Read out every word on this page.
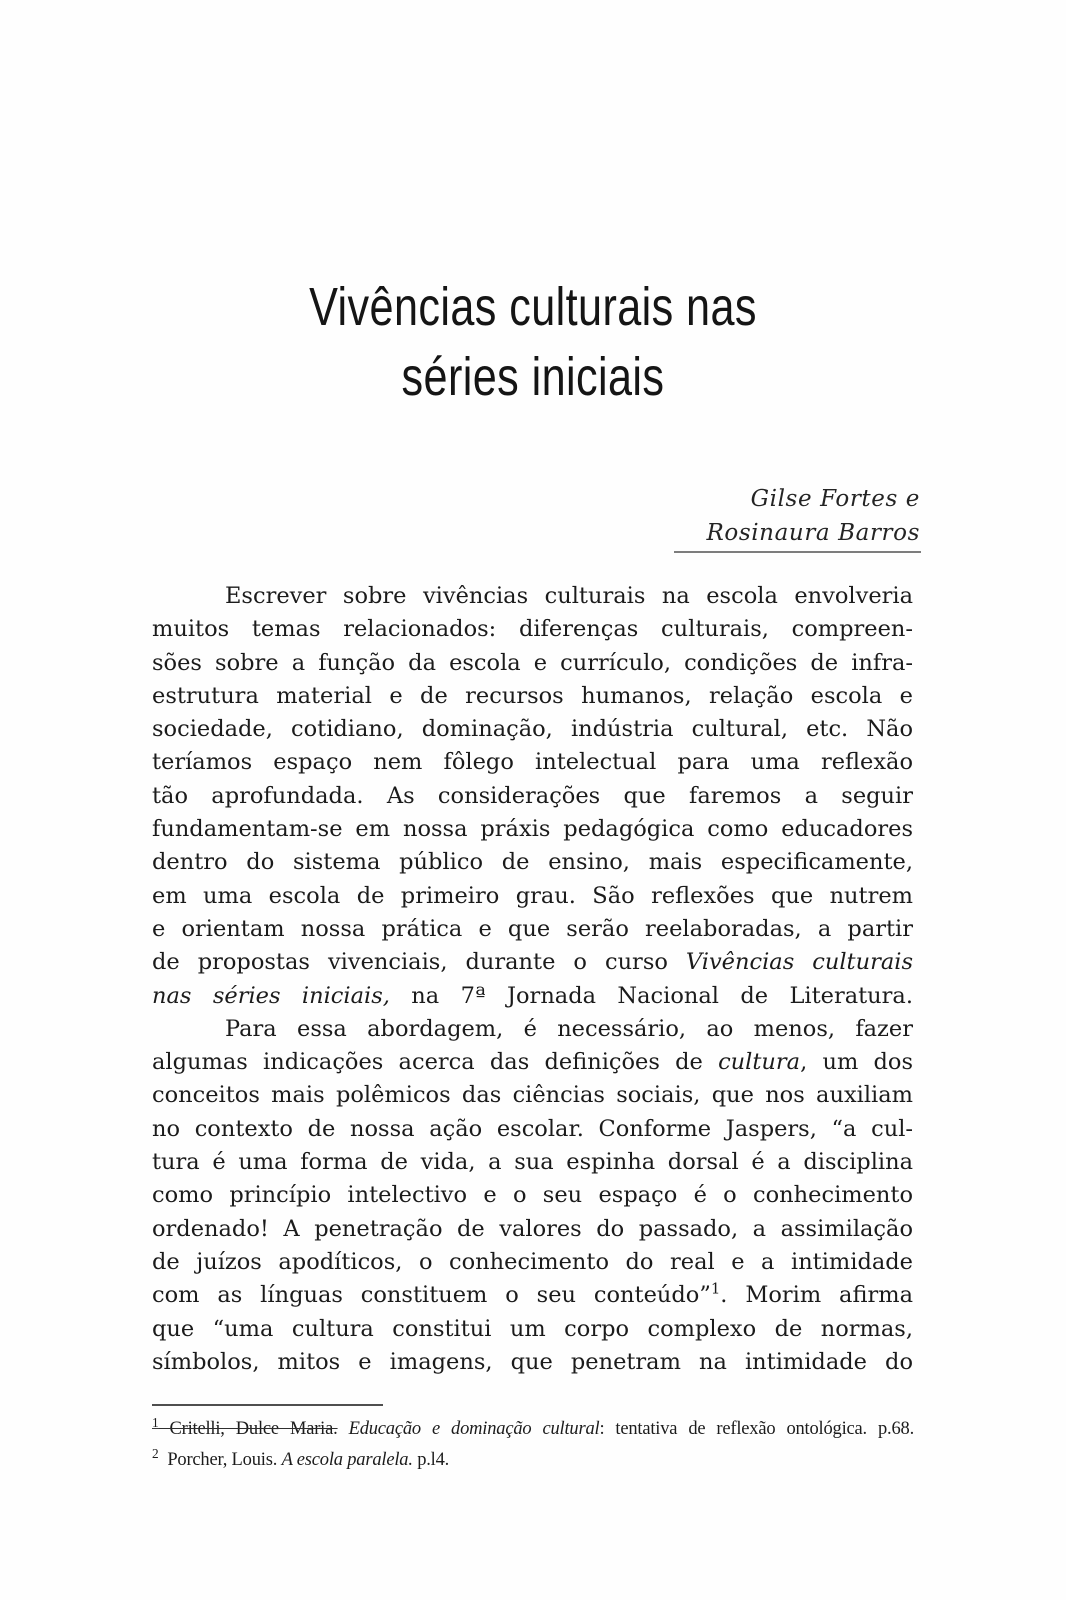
Vivências culturais nas
séries iniciais
Gilse Fortes e
Rosinaura Barros
Escrever sobre vivências culturais na escola envolveria
muitos temas relacionados: diferenças culturais, compreen-
sões sobre a função da escola e currículo, condições de infra-
estrutura material e de recursos humanos, relação escola e
sociedade, cotidiano, dominação, indústria cultural, etc. Não
teríamos espaço nem fôlego intelectual para uma reflexão
tão aprofundada. As considerações que faremos a seguir
fundamentam-se em nossa práxis pedagógica como educadores
dentro do sistema público de ensino, mais especificamente,
em uma escola de primeiro grau. São reflexões que nutrem
e orientam nossa prática e que serão reelaboradas, a partir
de propostas vivenciais, durante o curso Vivências culturais
nas séries iniciais, na 7ª Jornada Nacional de Literatura.
Para essa abordagem, é necessário, ao menos, fazer
algumas indicações acerca das definições de cultura, um dos
conceitos mais polêmicos das ciências sociais, que nos auxiliam
no contexto de nossa ação escolar. Conforme Jaspers, “a cul-
tura é uma forma de vida, a sua espinha dorsal é a disciplina
como princípio intelectivo e o seu espaço é o conhecimento
ordenado! A penetração de valores do passado, a assimilação
de juízos apodíticos, o conhecimento do real e a intimidade
com as línguas constituem o seu conteúdo”$^1$. Morim afirma
que “uma cultura constitui um corpo complexo de normas,
símbolos, mitos e imagens, que penetram na intimidade do
$^1$ Critelli, Dulce Maria. Educação e dominação cultural: tentativa de reflexão ontológica. p.68.
$^2$  Porcher, Louis. A escola paralela. p.l4.
